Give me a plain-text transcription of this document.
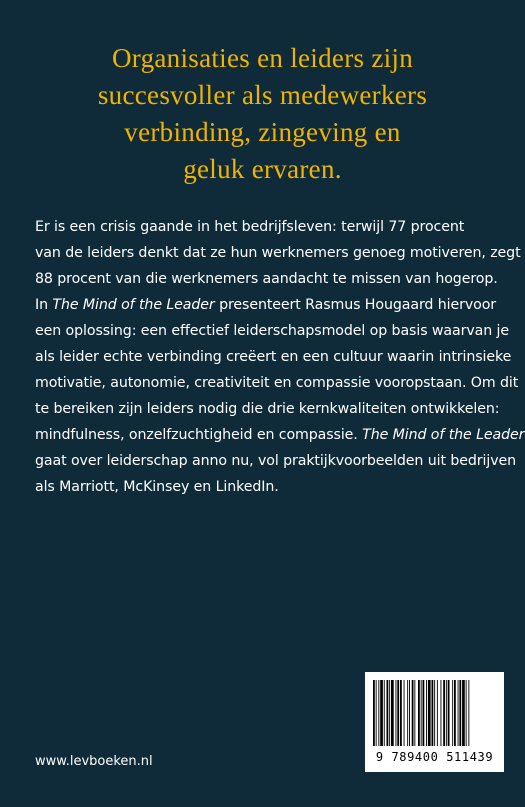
Organisaties en leiders zijn
succesvoller als medewerkers
verbinding, zingeving en
geluk ervaren.
Er is een crisis gaande in het bedrijfsleven: terwijl 77 procent
van de leiders denkt dat ze hun werknemers genoeg motiveren, zegt
88 procent van die werknemers aandacht te missen van hogerop.
In The Mind of the Leader presenteert Rasmus Hougaard hiervoor
een oplossing: een effectief leiderschapsmodel op basis waarvan je
als leider echte verbinding creëert en een cultuur waarin intrinsieke
motivatie, autonomie, creativiteit en compassie vooropstaan. Om dit
te bereiken zijn leiders nodig die drie kernkwaliteiten ontwikkelen:
mindfulness, onzelfzuchtigheid en compassie. The Mind of the Leader
gaat over leiderschap anno nu, vol praktijkvoorbeelden uit bedrijven
als Marriott, McKinsey en LinkedIn.
www.levboeken.nl	9 789400 511439
